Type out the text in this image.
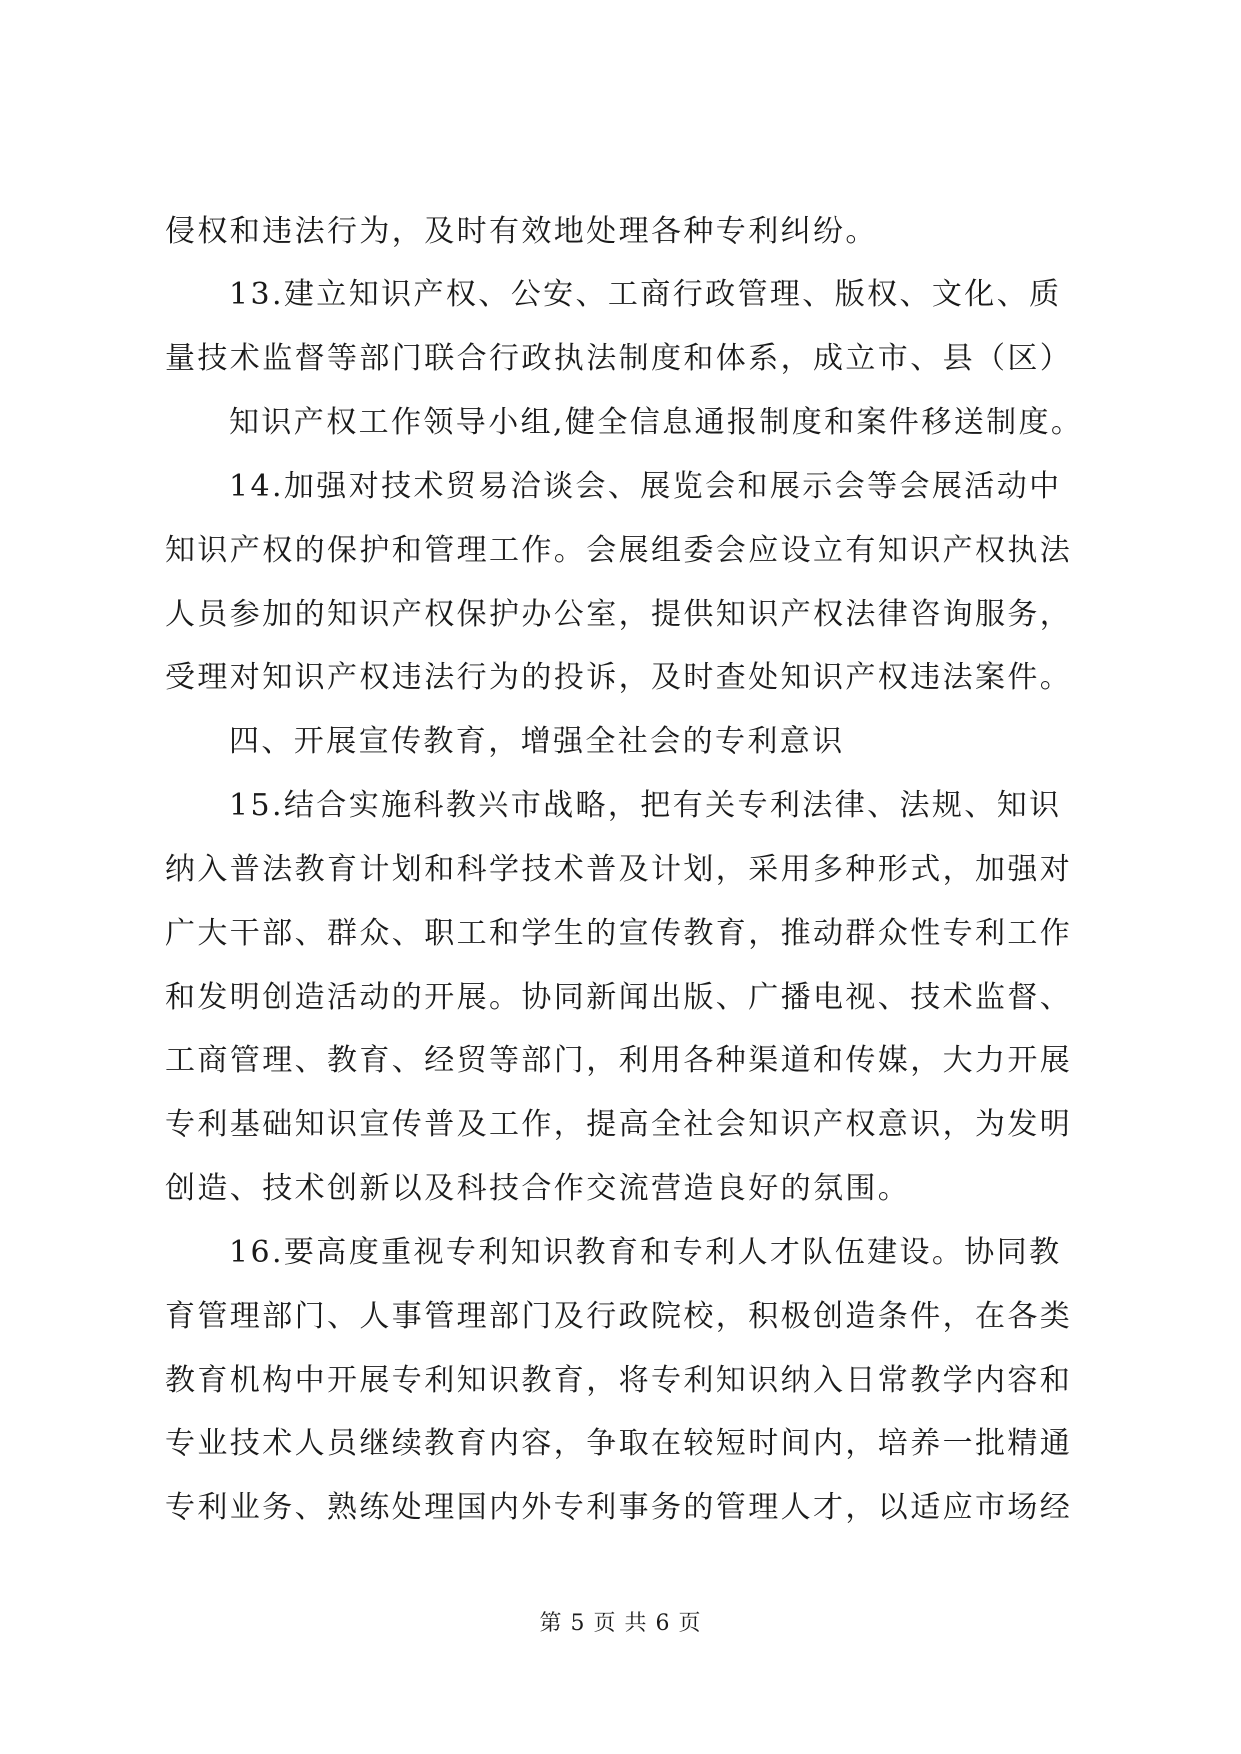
侵权和违法行为，及时有效地处理各种专利纠纷。
13.建立知识产权、公安、工商行政管理、版权、文化、质
量技术监督等部门联合行政执法制度和体系，成立市、县（区）
知识产权工作领导小组,健全信息通报制度和案件移送制度。
14.加强对技术贸易洽谈会、展览会和展示会等会展活动中
知识产权的保护和管理工作。会展组委会应设立有知识产权执法
人员参加的知识产权保护办公室，提供知识产权法律咨询服务，
受理对知识产权违法行为的投诉，及时查处知识产权违法案件。
四、开展宣传教育，增强全社会的专利意识
15.结合实施科教兴市战略，把有关专利法律、法规、知识
纳入普法教育计划和科学技术普及计划，采用多种形式，加强对
广大干部、群众、职工和学生的宣传教育，推动群众性专利工作
和发明创造活动的开展。协同新闻出版、广播电视、技术监督、
工商管理、教育、经贸等部门，利用各种渠道和传媒，大力开展
专利基础知识宣传普及工作，提高全社会知识产权意识，为发明
创造、技术创新以及科技合作交流营造良好的氛围。
16.要高度重视专利知识教育和专利人才队伍建设。协同教
育管理部门、人事管理部门及行政院校，积极创造条件，在各类
教育机构中开展专利知识教育，将专利知识纳入日常教学内容和
专业技术人员继续教育内容，争取在较短时间内，培养一批精通
专利业务、熟练处理国内外专利事务的管理人才，以适应市场经
第 5 页 共 6 页
